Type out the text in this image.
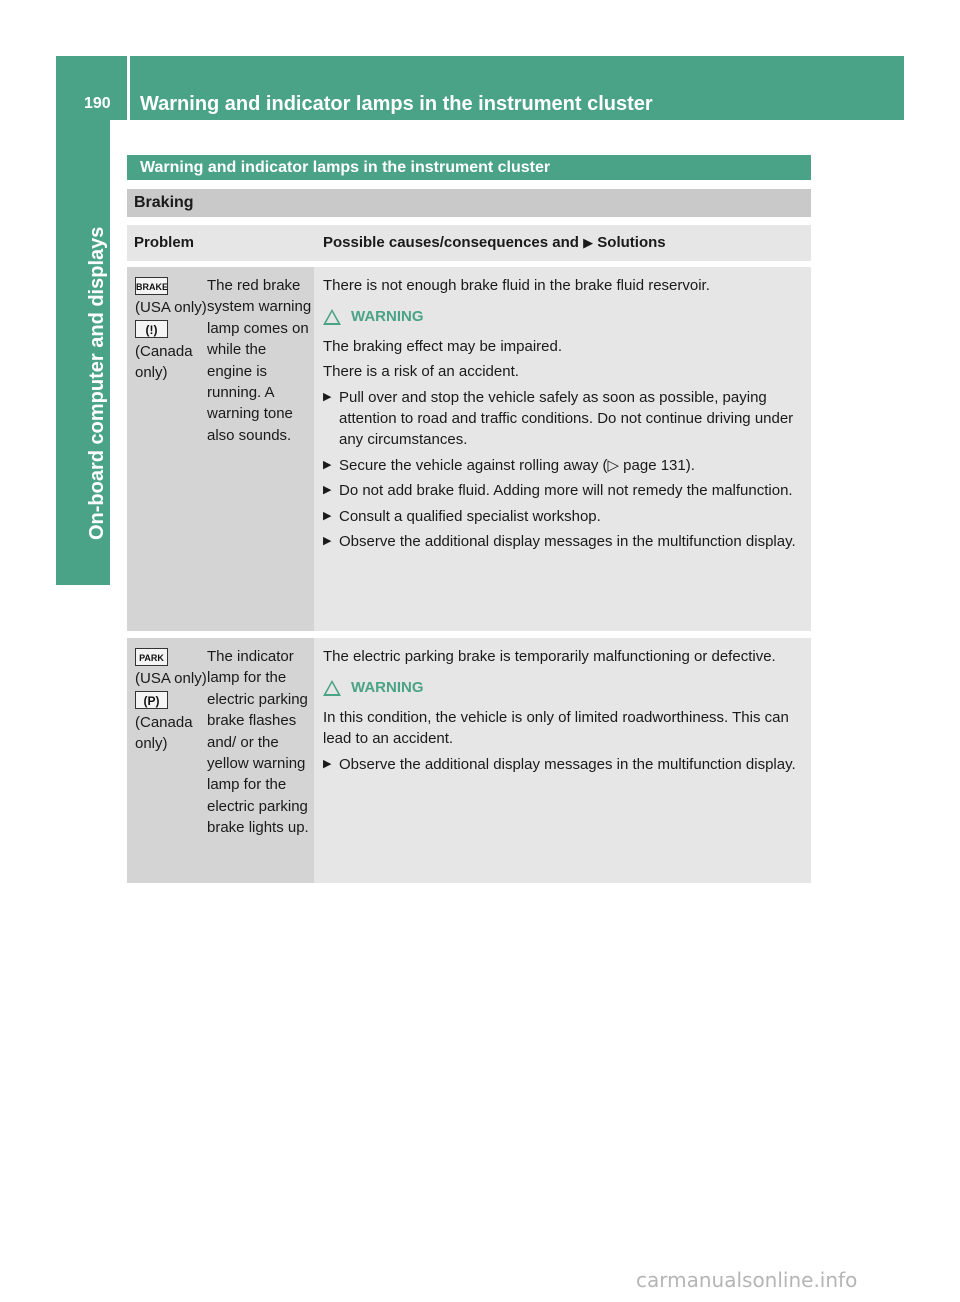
190 Warning and indicator lamps in the instrument cluster
On-board computer and displays
Warning and indicator lamps in the instrument cluster
Braking
Problem	Possible causes/consequences and ▶ Solutions
BRAKE
(USA only)
(!)
(Canada only)
The red brake system warning lamp comes on while the engine is running. A warning tone also sounds.
There is not enough brake fluid in the brake fluid reservoir.
WARNING
The braking effect may be impaired.
There is a risk of an accident.
▶ Pull over and stop the vehicle safely as soon as possible, paying attention to road and traffic conditions. Do not continue driving under any circumstances.
▶ Secure the vehicle against rolling away (▷ page 131).
▶ Do not add brake fluid. Adding more will not remedy the malfunction.
▶ Consult a qualified specialist workshop.
▶ Observe the additional display messages in the multifunction display.
PARK
(USA only)
(P)
(Canada only)
The indicator lamp for the electric parking brake flashes and/ or the yellow warning lamp for the electric parking brake lights up.
The electric parking brake is temporarily malfunctioning or defective.
WARNING
In this condition, the vehicle is only of limited roadworthiness. This can lead to an accident.
▶ Observe the additional display messages in the multifunction display.
carmanualsonline.info
